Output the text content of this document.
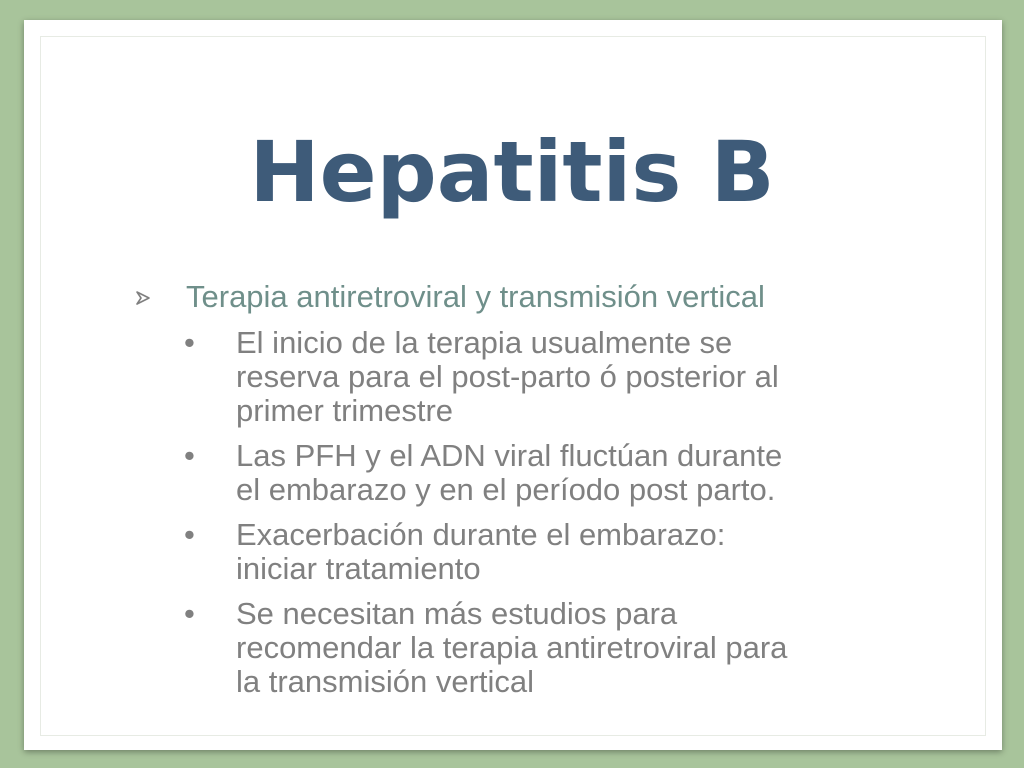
Hepatitis B
Terapia antiretroviral y transmisión vertical
• El inicio de la terapia usualmente se
reserva para el post-parto ó posterior al
primer trimestre
• Las PFH y el ADN viral fluctúan durante
el embarazo y en el período post parto.
• Exacerbación durante el embarazo:
iniciar tratamiento
• Se necesitan más estudios para
recomendar la terapia antiretroviral para
la transmisión vertical
